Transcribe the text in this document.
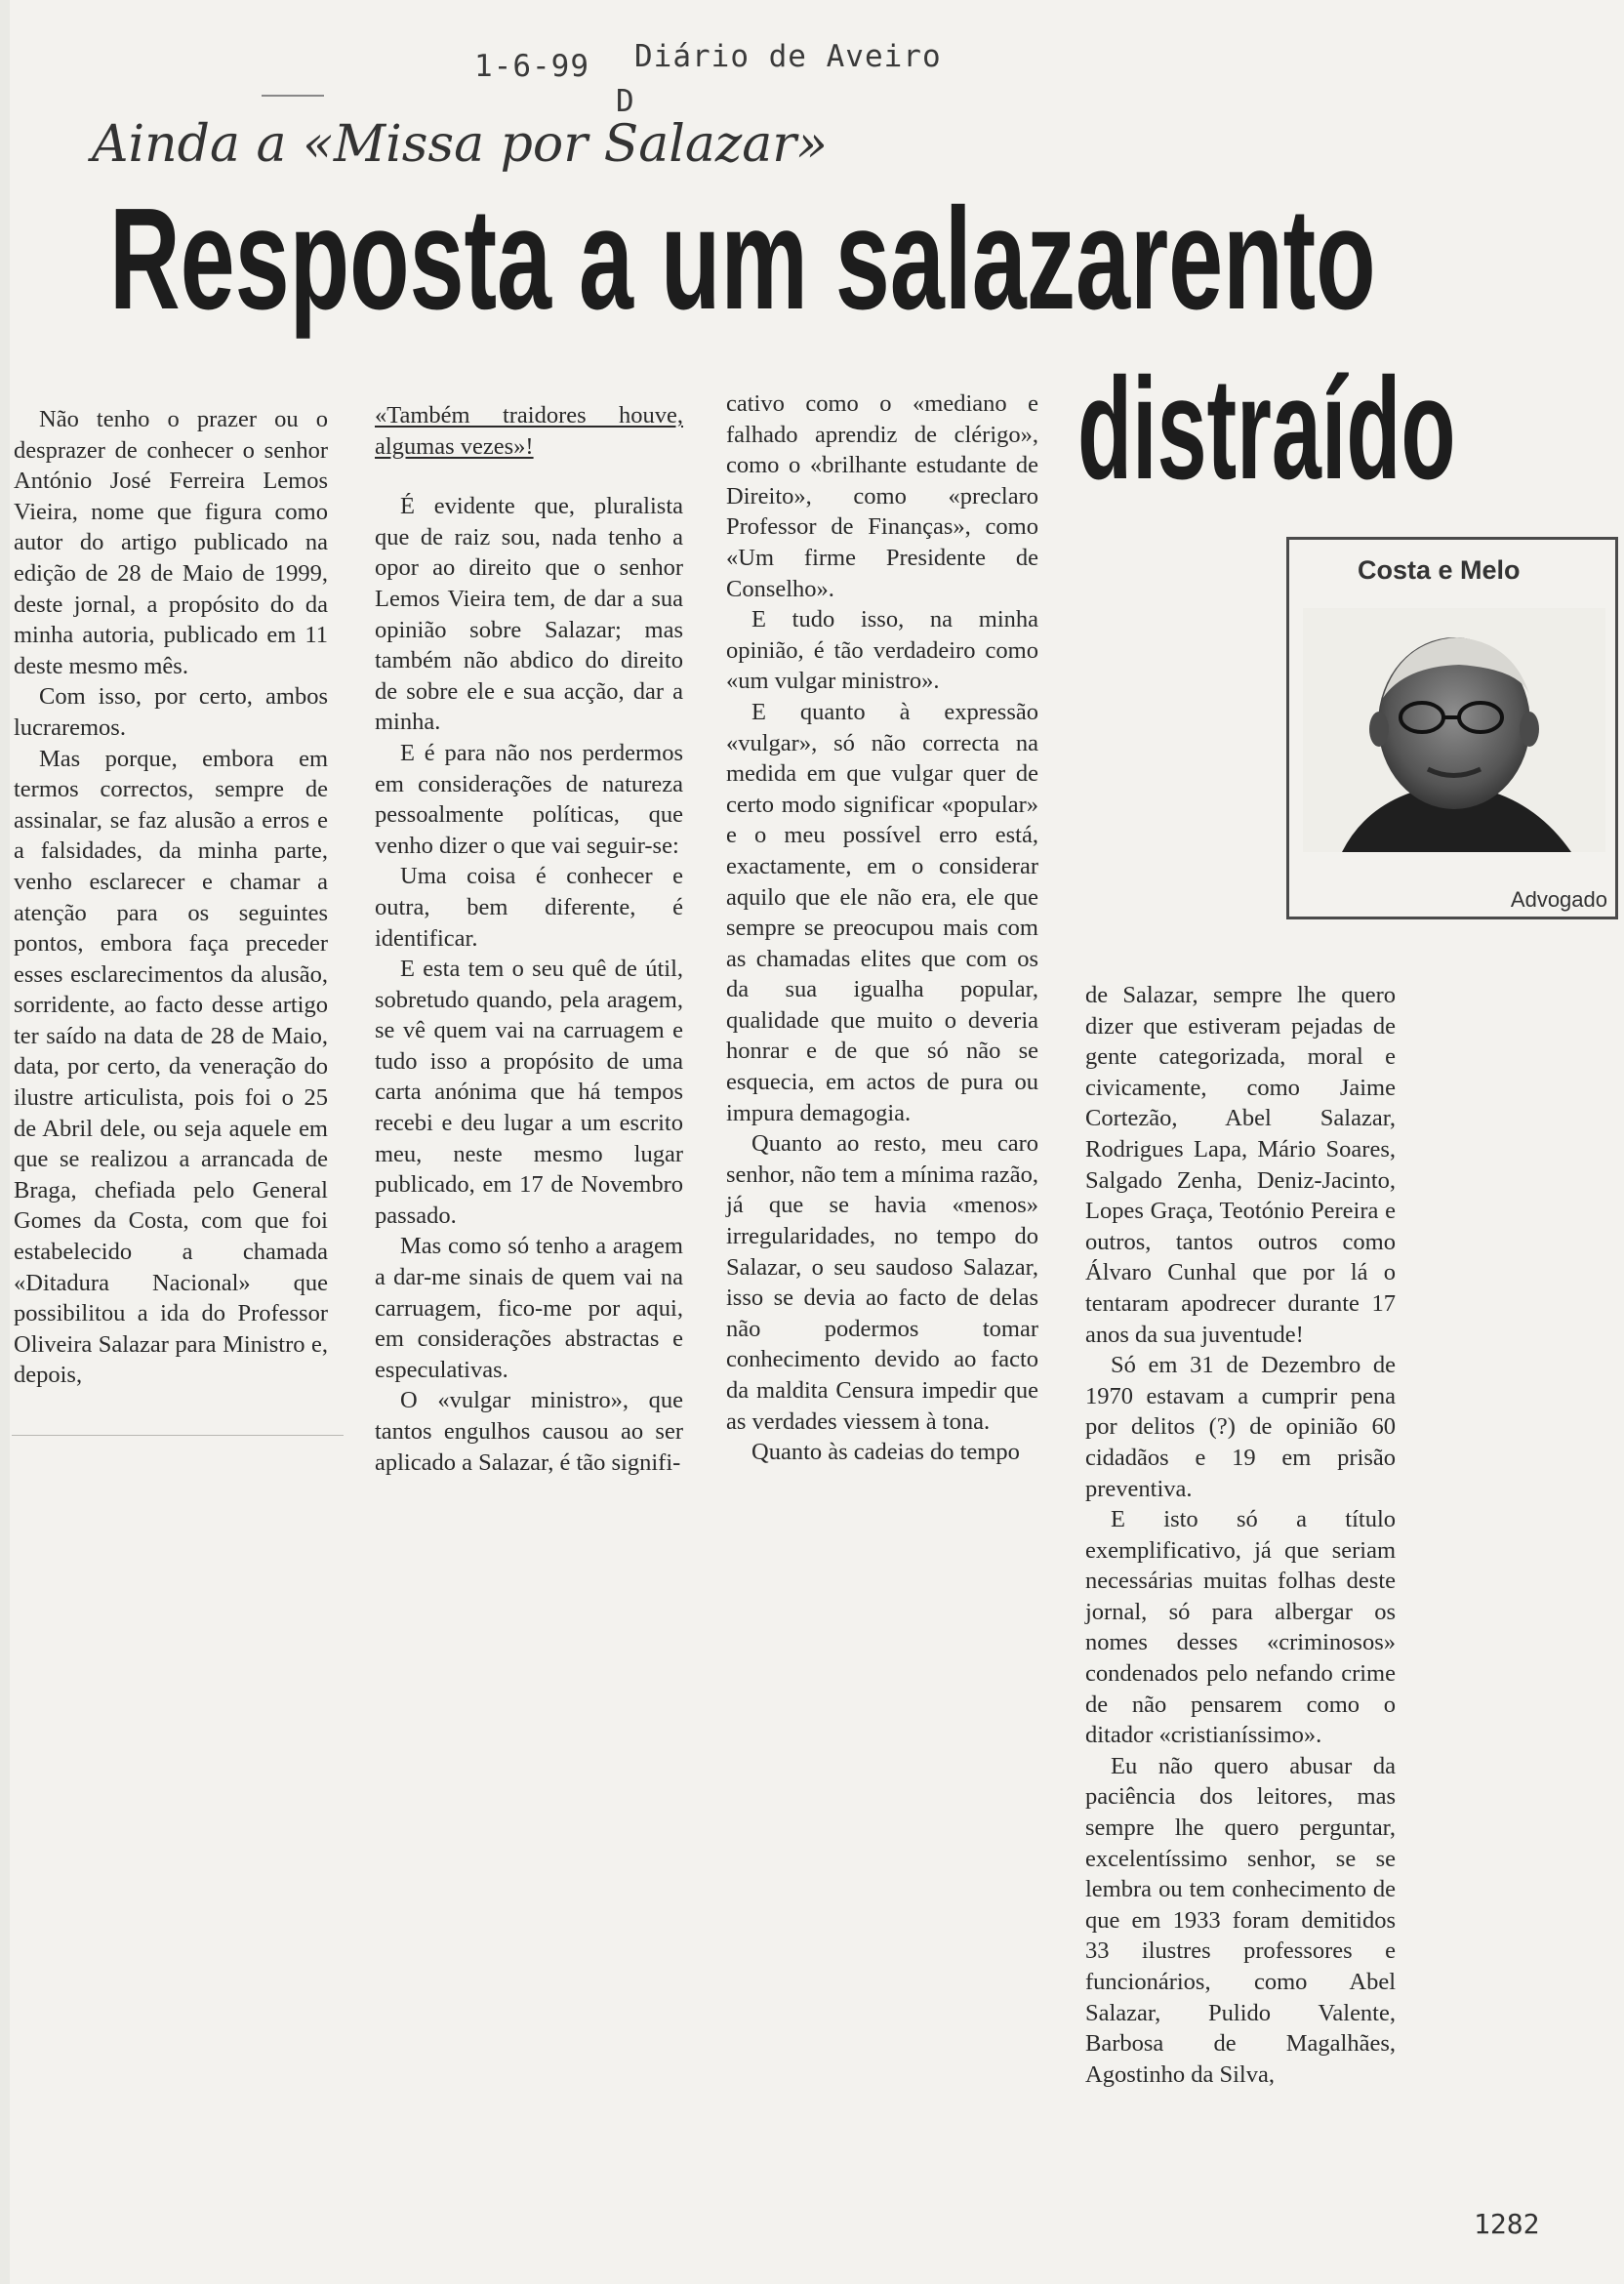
1-6-99 Diário de Aveiro
D
Ainda a «Missa por Salazar»
Resposta a um salazarento
distraído
Costa e Melo
Advogado

Não tenho o prazer ou o desprazer de conhecer o senhor António José Ferreira Lemos Vieira, nome que figura como autor do artigo publicado na edição de 28 de Maio de 1999, deste jornal, a propósito do da minha autoria, publicado em 11 deste mesmo mês.

Com isso, por certo, ambos lucraremos.

Mas porque, embora em termos correctos, sempre de assinalar, se faz alusão a erros e a falsidades, da minha parte, venho esclarecer e chamar a atenção para os seguintes pontos, embora faça preceder esses esclarecimentos da alusão, sorridente, ao facto desse artigo ter saído na data de 28 de Maio, data, por certo, da veneração do ilustre articulista, pois foi o 25 de Abril dele, ou seja aquele em que se realizou a arrancada de Braga, chefiada pelo General Gomes da Costa, com que foi estabelecido a chamada «Ditadura Nacional» que possibilitou a ida do Professor Oliveira Salazar para Ministro e, depois,

«Também traidores houve, algumas vezes»!

É evidente que, pluralista que de raiz sou, nada tenho a opor ao direito que o senhor Lemos Vieira tem, de dar a sua opinião sobre Salazar; mas também não abdico do direito de sobre ele e sua acção, dar a minha.

E é para não nos perdermos em considerações de natureza pessoalmente políticas, que venho dizer o que vai seguir-se:

Uma coisa é conhecer e outra, bem diferente, é identificar.

E esta tem o seu quê de útil, sobretudo quando, pela aragem, se vê quem vai na carruagem e tudo isso a propósito de uma carta anónima que há tempos recebi e deu lugar a um escrito meu, neste mesmo lugar publicado, em 17 de Novembro passado.

Mas como só tenho a aragem a dar-me sinais de quem vai na carruagem, fico-me por aqui, em considerações abstractas e especulativas.

O «vulgar ministro», que tantos engulhos causou ao ser aplicado a Salazar, é tão signifi-

cativo como o «mediano e falhado aprendiz de clérigo», como o «brilhante estudante de Direito», como «preclaro Professor de Finanças», como «Um firme Presidente de Conselho».

E tudo isso, na minha opinião, é tão verdadeiro como «um vulgar ministro».

E quanto à expressão «vulgar», só não correcta na medida em que vulgar quer de certo modo significar «popular» e o meu possível erro está, exactamente, em o considerar aquilo que ele não era, ele que sempre se preocupou mais com as chamadas elites que com os da sua igualha popular, qualidade que muito o deveria honrar e de que só não se esquecia, em actos de pura ou impura demagogia.

Quanto ao resto, meu caro senhor, não tem a mínima razão, já que se havia «menos» irregularidades, no tempo do Salazar, o seu saudoso Salazar, isso se devia ao facto de delas não podermos tomar conhecimento devido ao facto da maldita Censura impedir que as verdades viessem à tona.

Quanto às cadeias do tempo

de Salazar, sempre lhe quero dizer que estiveram pejadas de gente categorizada, moral e civicamente, como Jaime Cortezão, Abel Salazar, Rodrigues Lapa, Mário Soares, Salgado Zenha, Deniz-Jacinto, Lopes Graça, Teotónio Pereira e outros, tantos outros como Álvaro Cunhal que por lá o tentaram apodrecer durante 17 anos da sua juventude!

Só em 31 de Dezembro de 1970 estavam a cumprir pena por delitos (?) de opinião 60 cidadãos e 19 em prisão preventiva.

E isto só a título exemplificativo, já que seriam necessárias muitas folhas deste jornal, só para albergar os nomes desses «criminosos» condenados pelo nefando crime de não pensarem como o ditador «cristianíssimo».

Eu não quero abusar da paciência dos leitores, mas sempre lhe quero perguntar, excelentíssimo senhor, se se lembra ou tem conhecimento de que em 1933 foram demitidos 33 ilustres professores e funcionários, como Abel Salazar, Pulido Valente, Barbosa de Magalhães, Agostinho da Silva,

1282
